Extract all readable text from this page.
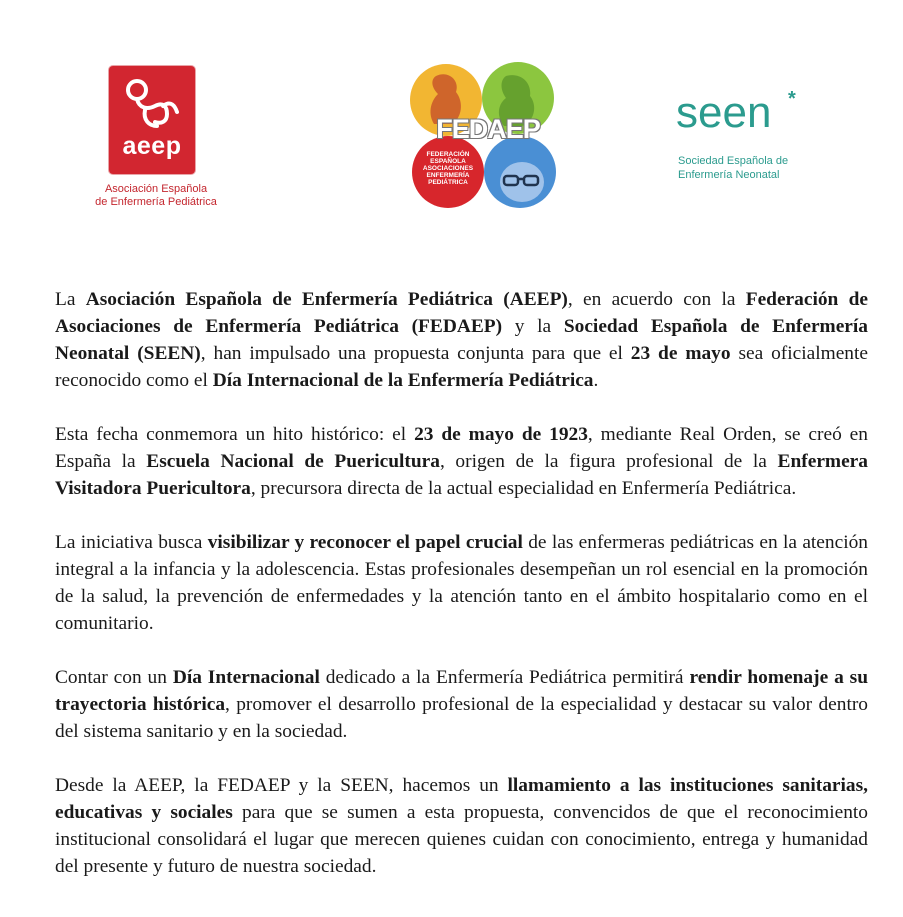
aeep
Asociación Española
de Enfermería Pediátrica
FEDAEP
FEDERACIÓN
ESPAÑOLA
ASOCIACIONES
ENFERMERÍA
PEDIÁTRICA
seen *
Sociedad Española de
Enfermería Neonatal

La Asociación Española de Enfermería Pediátrica (AEEP), en acuerdo con la Federación de Asociaciones de Enfermería Pediátrica (FEDAEP) y la Sociedad Española de Enfermería Neonatal (SEEN), han impulsado una propuesta conjunta para que el 23 de mayo sea oficialmente reconocido como el Día Internacional de la Enfermería Pediátrica.

Esta fecha conmemora un hito histórico: el 23 de mayo de 1923, mediante Real Orden, se creó en España la Escuela Nacional de Puericultura, origen de la figura profesional de la Enfermera Visitadora Puericultora, precursora directa de la actual especialidad en Enfermería Pediátrica.

La iniciativa busca visibilizar y reconocer el papel crucial de las enfermeras pediátricas en la atención integral a la infancia y la adolescencia. Estas profesionales desempeñan un rol esencial en la promoción de la salud, la prevención de enfermedades y la atención tanto en el ámbito hospitalario como en el comunitario.

Contar con un Día Internacional dedicado a la Enfermería Pediátrica permitirá rendir homenaje a su trayectoria histórica, promover el desarrollo profesional de la especialidad y destacar su valor dentro del sistema sanitario y en la sociedad.

Desde la AEEP, la FEDAEP y la SEEN, hacemos un llamamiento a las instituciones sanitarias, educativas y sociales para que se sumen a esta propuesta, convencidos de que el reconocimiento institucional consolidará el lugar que merecen quienes cuidan con conocimiento, entrega y humanidad del presente y futuro de nuestra sociedad.
